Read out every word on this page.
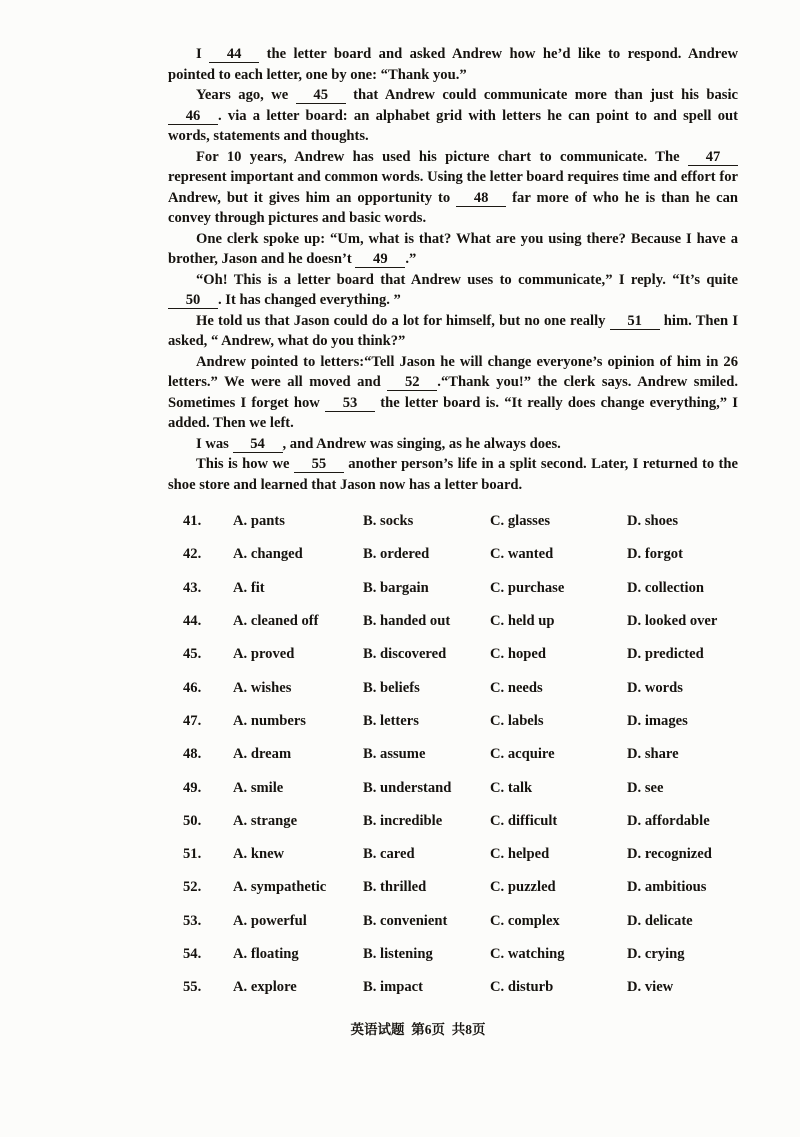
I 44 the letter board and asked Andrew how he’d like to respond. Andrew pointed to each letter, one by one: “Thank you.”

Years ago, we 45 that Andrew could communicate more than just his basic 46 . via a letter board: an alphabet grid with letters he can point to and spell out words, statements and thoughts.

For 10 years, Andrew has used his picture chart to communicate. The 47 represent important and common words. Using the letter board requires time and effort for Andrew, but it gives him an opportunity to 48 far more of who he is than he can convey through pictures and basic words.

One clerk spoke up: “Um, what is that? What are you using there? Because I have a brother, Jason and he doesn’t 49 .”

“Oh! This is a letter board that Andrew uses to communicate,” I reply. “It’s quite 50 . It has changed everything. ”

He told us that Jason could do a lot for himself, but no one really 51 him. Then I asked, “ Andrew, what do you think?”

Andrew pointed to letters:“Tell Jason he will change everyone’s opinion of him in 26 letters.” We were all moved and 52 .“Thank you!” the clerk says. Andrew smiled. Sometimes I forget how 53 the letter board is. “It really does change everything,” I added. Then we left.

I was 54 , and Andrew was singing, as he always does.

This is how we 55 another person’s life in a split second. Later, I returned to the shoe store and learned that Jason now has a letter board.

41.	A. pants	B. socks	C. glasses	D. shoes
42.	A. changed	B. ordered	C. wanted	D. forgot
43.	A. fit	B. bargain	C. purchase	D. collection
44.	A. cleaned off	B. handed out	C. held up	D. looked over
45.	A. proved	B. discovered	C. hoped	D. predicted
46.	A. wishes	B. beliefs	C. needs	D. words
47.	A. numbers	B. letters	C. labels	D. images
48.	A. dream	B. assume	C. acquire	D. share
49.	A. smile	B. understand	C. talk	D. see
50.	A. strange	B. incredible	C. difficult	D. affordable
51.	A. knew	B. cared	C. helped	D. recognized
52.	A. sympathetic	B. thrilled	C. puzzled	D. ambitious
53.	A. powerful	B. convenient	C. complex	D. delicate
54.	A. floating	B. listening	C. watching	D. crying
55.	A. explore	B. impact	C. disturb	D. view
英语试题  第6页  共8页
